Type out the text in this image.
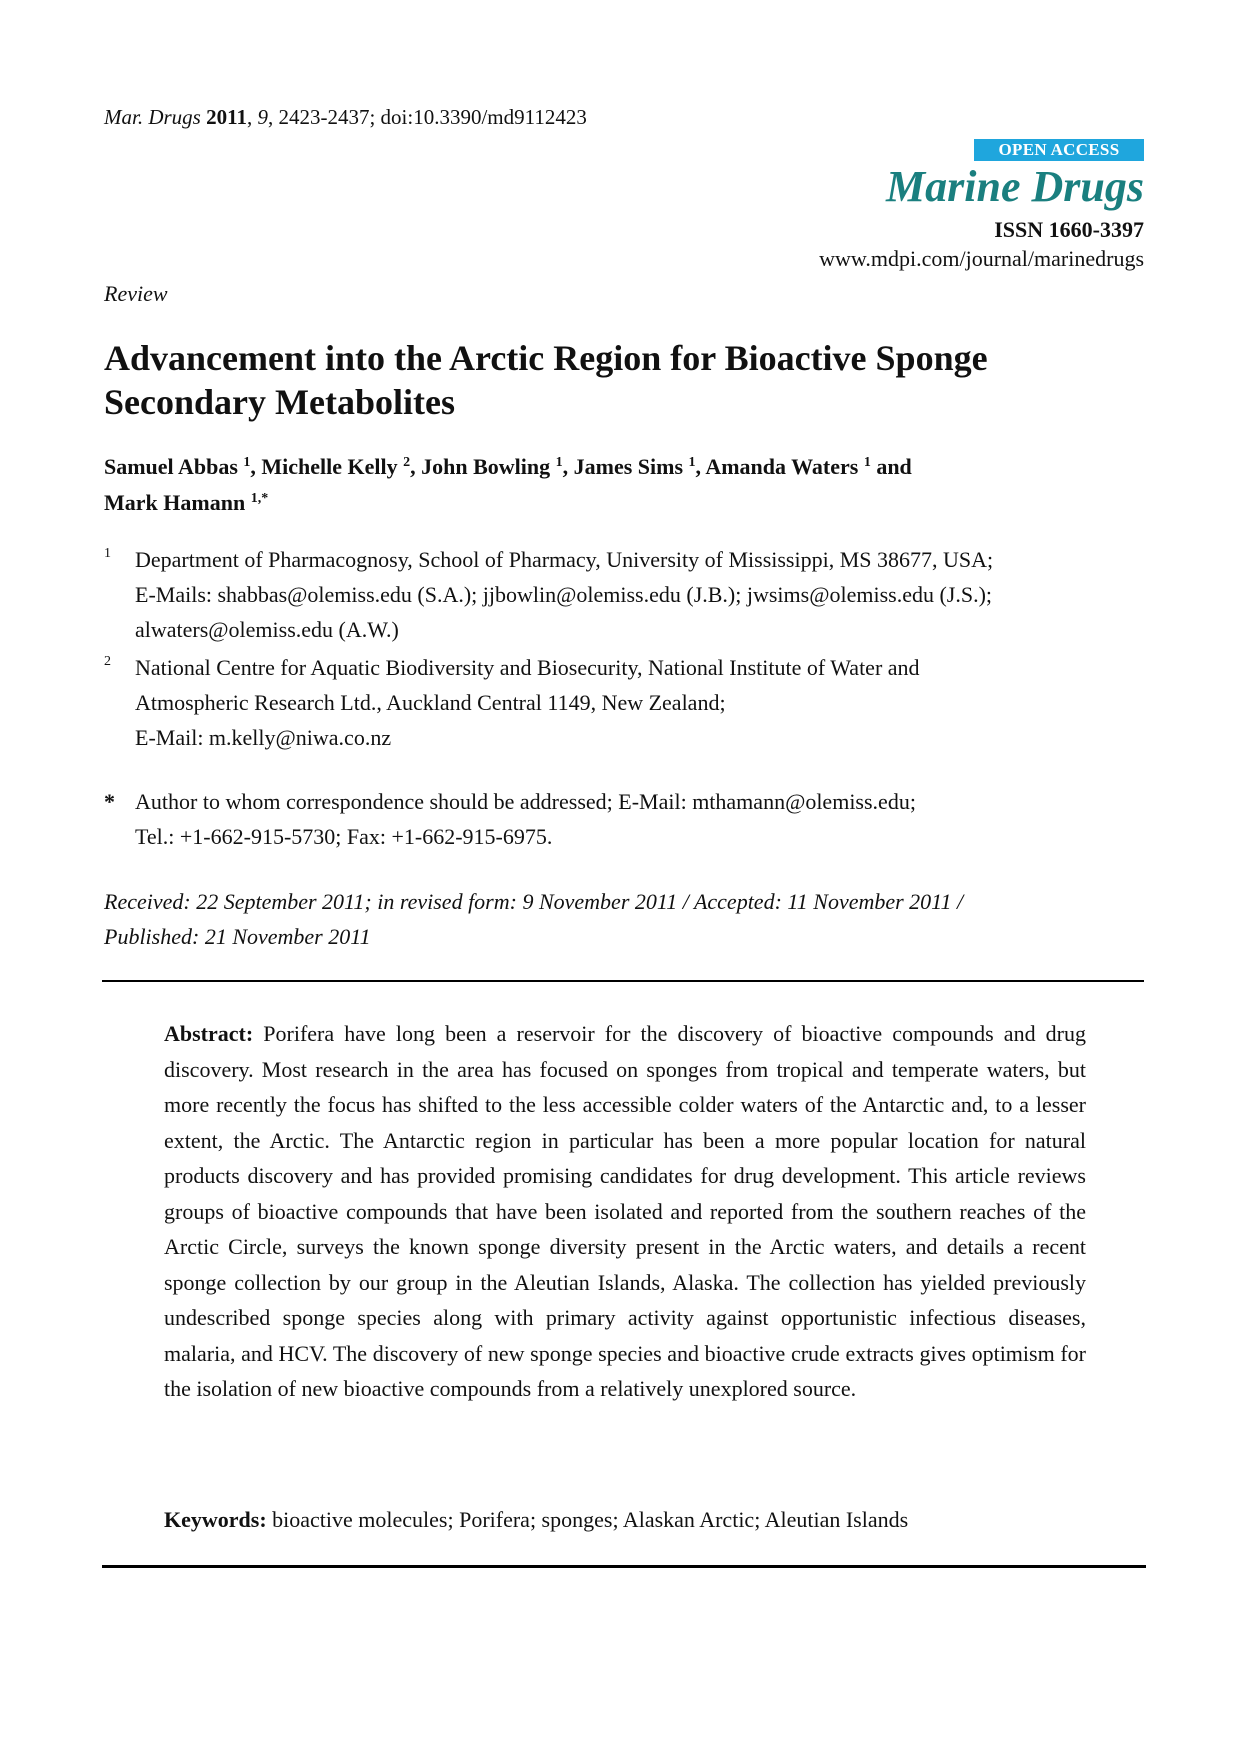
Mar. Drugs 2011, 9, 2423-2437; doi:10.3390/md9112423
OPEN ACCESS
Marine Drugs
ISSN 1660-3397
www.mdpi.com/journal/marinedrugs
Review
Advancement into the Arctic Region for Bioactive Sponge Secondary Metabolites
Samuel Abbas $^1$, Michelle Kelly $^2$, John Bowling $^1$, James Sims $^1$, Amanda Waters $^1$ and
Mark Hamann $^{1,*}$
1	Department of Pharmacognosy, School of Pharmacy, University of Mississippi, MS 38677, USA;
E-Mails: shabbas@olemiss.edu (S.A.); jjbowlin@olemiss.edu (J.B.); jwsims@olemiss.edu (J.S.);
alwaters@olemiss.edu (A.W.)
2	National Centre for Aquatic Biodiversity and Biosecurity, National Institute of Water and
Atmospheric Research Ltd., Auckland Central 1149, New Zealand;
E-Mail: m.kelly@niwa.co.nz
* Author to whom correspondence should be addressed; E-Mail: mthamann@olemiss.edu;
Tel.: +1-662-915-5730; Fax: +1-662-915-6975.
Received: 22 September 2011; in revised form: 9 November 2011 / Accepted: 11 November 2011 /
Published: 21 November 2011
Abstract: Porifera have long been a reservoir for the discovery of bioactive compounds and drug discovery. Most research in the area has focused on sponges from tropical and temperate waters, but more recently the focus has shifted to the less accessible colder waters of the Antarctic and, to a lesser extent, the Arctic. The Antarctic region in particular has been a more popular location for natural products discovery and has provided promising candidates for drug development. This article reviews groups of bioactive compounds that have been isolated and reported from the southern reaches of the Arctic Circle, surveys the known sponge diversity present in the Arctic waters, and details a recent sponge collection by our group in the Aleutian Islands, Alaska. The collection has yielded previously undescribed sponge species along with primary activity against opportunistic infectious diseases, malaria, and HCV. The discovery of new sponge species and bioactive crude extracts gives optimism for the isolation of new bioactive compounds from a relatively unexplored source.
Keywords: bioactive molecules; Porifera; sponges; Alaskan Arctic; Aleutian Islands
